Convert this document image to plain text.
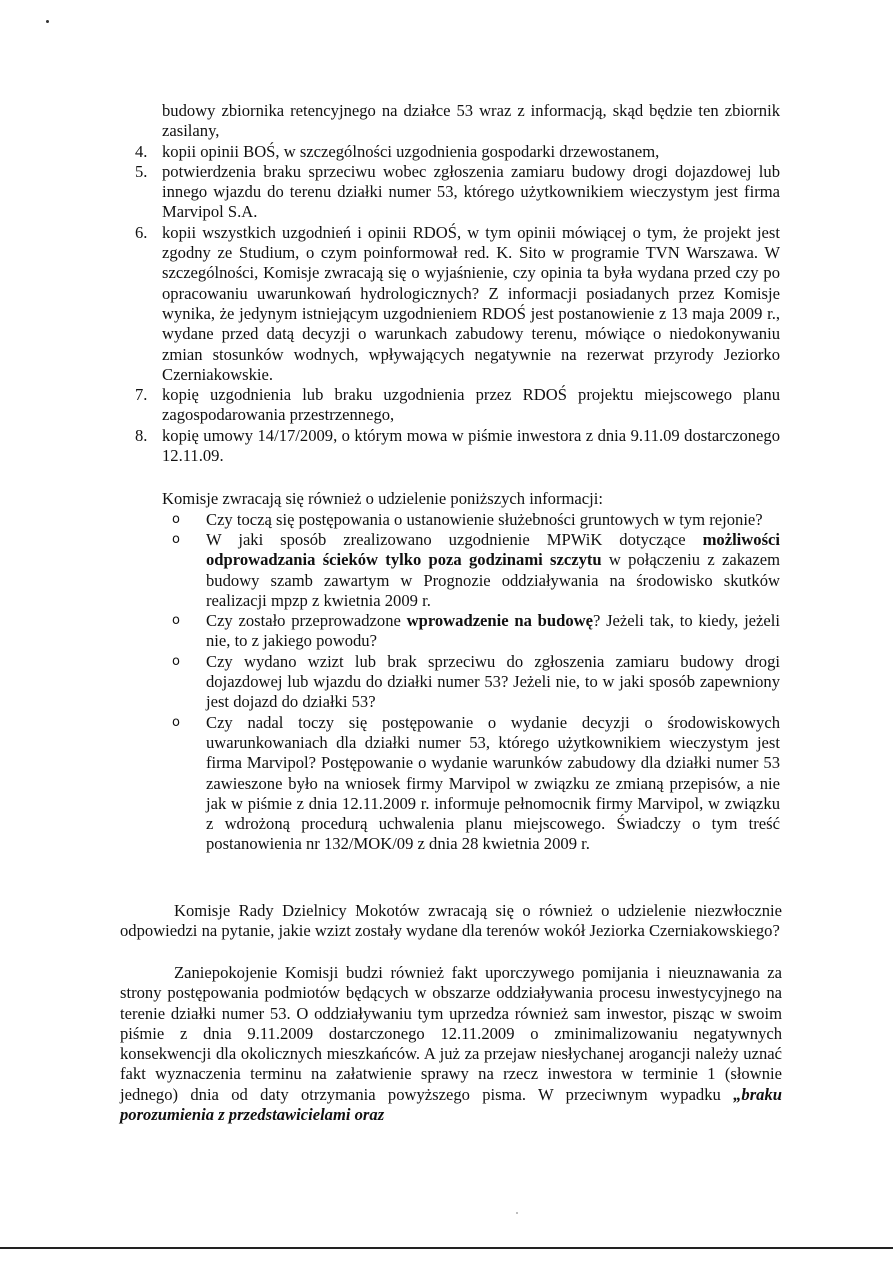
budowy zbiornika retencyjnego na działce 53 wraz z informacją, skąd będzie ten zbiornik zasilany,

4. kopii opinii BOŚ, w szczególności uzgodnienia gospodarki drzewostanem,

5. potwierdzenia braku sprzeciwu wobec zgłoszenia zamiaru budowy drogi dojazdowej lub innego wjazdu do terenu działki numer 53, którego użytkownikiem wieczystym jest firma Marvipol S.A.

6. kopii wszystkich uzgodnień i opinii RDOŚ, w tym opinii mówiącej o tym, że projekt jest zgodny ze Studium, o czym poinformował red. K. Sito w programie TVN Warszawa. W szczególności, Komisje zwracają się o wyjaśnienie, czy opinia ta była wydana przed czy po opracowaniu uwarunkowań hydrologicznych? Z informacji posiadanych przez Komisje wynika, że jedynym istniejącym uzgodnieniem RDOŚ jest postanowienie z 13 maja 2009 r., wydane przed datą decyzji o warunkach zabudowy terenu, mówiące o niedokonywaniu zmian stosunków wodnych, wpływających negatywnie na rezerwat przyrody Jeziorko Czerniakowskie.

7. kopię uzgodnienia lub braku uzgodnienia przez RDOŚ projektu miejscowego planu zagospodarowania przestrzennego,

8. kopię umowy 14/17/2009, o którym mowa w piśmie inwestora z dnia 9.11.09 dostarczonego 12.11.09.

Komisje zwracają się również o udzielenie poniższych informacji:

o Czy toczą się postępowania o ustanowienie służebności gruntowych w tym rejonie?

o W jaki sposób zrealizowano uzgodnienie MPWiK dotyczące możliwości odprowadzania ścieków tylko poza godzinami szczytu w połączeniu z zakazem budowy szamb zawartym w Prognozie oddziaływania na środowisko skutków realizacji mpzp z kwietnia 2009 r.

o Czy zostało przeprowadzone wprowadzenie na budowę? Jeżeli tak, to kiedy, jeżeli nie, to z jakiego powodu?

o Czy wydano wzizt lub brak sprzeciwu do zgłoszenia zamiaru budowy drogi dojazdowej lub wjazdu do działki numer 53? Jeżeli nie, to w jaki sposób zapewniony jest dojazd do działki 53?

o Czy nadal toczy się postępowanie o wydanie decyzji o środowiskowych uwarunkowaniach dla działki numer 53, którego użytkownikiem wieczystym jest firma Marvipol? Postępowanie o wydanie warunków zabudowy dla działki numer 53 zawieszone było na wniosek firmy Marvipol w związku ze zmianą przepisów, a nie jak w piśmie z dnia 12.11.2009 r. informuje pełnomocnik firmy Marvipol, w związku z wdrożoną procedurą uchwalenia planu miejscowego. Świadczy o tym treść postanowienia nr 132/MOK/09 z dnia 28 kwietnia 2009 r.

Komisje Rady Dzielnicy Mokotów zwracają się o również o udzielenie niezwłocznie odpowiedzi na pytanie, jakie wzizt zostały wydane dla terenów wokół Jeziorka Czerniakowskiego?

Zaniepokojenie Komisji budzi również fakt uporczywego pomijania i nieuznawania za strony postępowania podmiotów będących w obszarze oddziaływania procesu inwestycyjnego na terenie działki numer 53. O oddziaływaniu tym uprzedza również sam inwestor, pisząc w swoim piśmie z dnia 9.11.2009 dostarczonego 12.11.2009 o zminimalizowaniu negatywnych konsekwencji dla okolicznych mieszkańców. A już za przejaw niesłychanej arogancji należy uznać fakt wyznaczenia terminu na załatwienie sprawy na rzecz inwestora w terminie 1 (słownie jednego) dnia od daty otrzymania powyższego pisma. W przeciwnym wypadku „braku porozumienia z przedstawicielami oraz
